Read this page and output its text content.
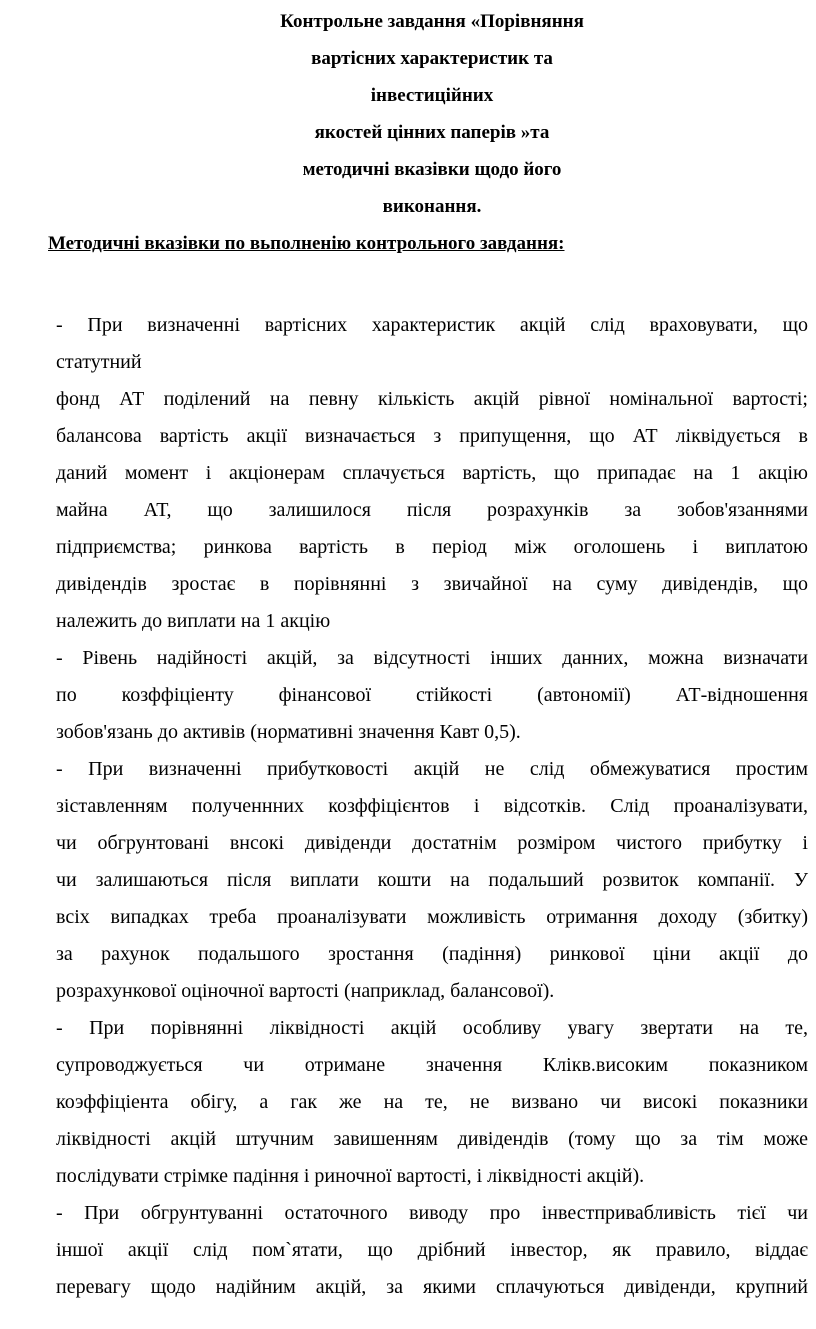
Контрольне завдання «Порівняння
вартісних характеристик та
інвестиційних
якостей цінних паперів »та
методичні вказівки щодо його
виконання.
Методичні вказівки по вьполненію контрольного завдання:

- При визначенні вартісних характеристик акцій слід враховувати, що
статутний
фонд АТ поділений на певну кількість акцій рівної номінальної вартості;
балансова вартість акції визначається з припущення, що АТ ліквідується в
даний момент і акціонерам сплачується вартість, що припадає на 1 акцію
майна АТ, що залишилося після розрахунків за зобов'язаннями
підприємства; ринкова вартість в період між оголошень і виплатою
дивідендів зростає в порівнянні з звичайної на суму дивідендів, що
належить до виплати на 1 акцію

- Рівень надійності акцій, за відсутності інших данних, можна визначати
по козффіціенту фінансової стійкості (автономії) АТ-відношення
зобов'язань до активів (нормативні значення Кавт 0,5).

- При визначенні прибутковості акцій не слід обмежуватися простим
зіставленням полученнних козффіцієнтов і відсотків. Слід проаналізувати,
чи обгрунтовані внсокі дивіденди достатнім розміром чистого прибутку і
чи залишаються після виплати кошти на подальший розвиток компанії. У
всіх випадках треба проаналізувати можливість отримання доходу (збитку)
за рахунок подальшого зростання (падіння) ринкової ціни акції до
розрахункової оціночної вартості (наприклад, балансової).

- При порівнянні ліквідності акцій особливу увагу звертати на те,
супроводжується чи отримане значення Клікв.високим показником
коэффіціента обігу, а гак же на те, не визвано чи високі показники
ліквідності акцій штучним завишенням дивідендів (тому що за тім може
послідувати стрімке падіння і риночної вартості, і ліквідності акцій).

- При обгрунтуванні остаточного виводу про інвестпривабливість тієї чи
іншої акції слід пом`ятати, що дрібний інвестор, як правило, віддає
перевагу щодо надійним акцій, за якими сплачуються дивіденди, крупний
